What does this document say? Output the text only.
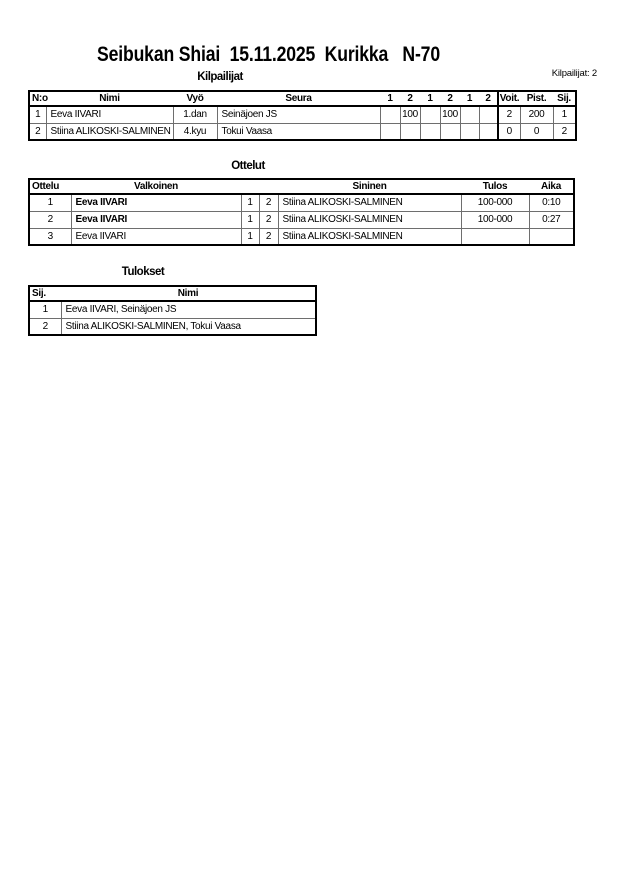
Seibukan Shiai  15.11.2025  Kurikka   N-70
Kilpailijat: 2
Kilpailijat
N:o	Nimi	Vyö	Seura	1	2	1	2	1	2	Voit.	Pist.	Sij.
1	Eeva IIVARI	1.dan	Seinäjoen JS		100		100			2	200	1
2	Stiina ALIKOSKI-SALMINEN	4.kyu	Tokui Vaasa							0	0	2
Ottelut
Ottelu	Valkoinen			Sininen	Tulos	Aika
1	Eeva IIVARI	1	2	Stiina ALIKOSKI-SALMINEN	100-000	0:10
2	Eeva IIVARI	1	2	Stiina ALIKOSKI-SALMINEN	100-000	0:27
3	Eeva IIVARI	1	2	Stiina ALIKOSKI-SALMINEN		
Tulokset
Sij.	Nimi
1	Eeva IIVARI, Seinäjoen JS
2	Stiina ALIKOSKI-SALMINEN, Tokui Vaasa
